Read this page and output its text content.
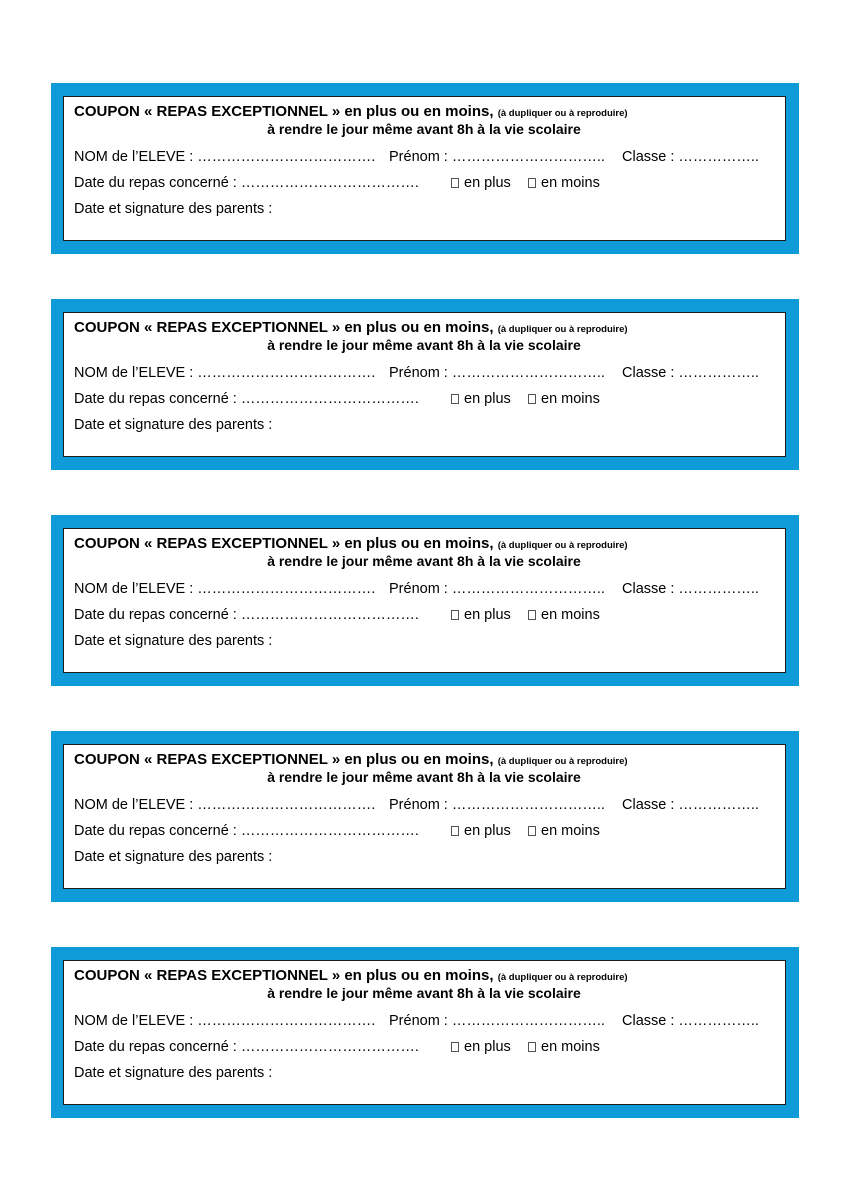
COUPON « REPAS EXCEPTIONNEL » en plus ou en moins, (à dupliquer ou à reproduire)
à rendre le jour même avant 8h à la vie scolaire
NOM de l’ELEVE : ………………………………. Prénom : ………………………….. Classe : ……………..
Date du repas concerné : ……………………………….	en plus	en moins
Date et signature des parents :
COUPON « REPAS EXCEPTIONNEL » en plus ou en moins, (à dupliquer ou à reproduire)
à rendre le jour même avant 8h à la vie scolaire
NOM de l’ELEVE : ………………………………. Prénom : ………………………….. Classe : ……………..
Date du repas concerné : ……………………………….	en plus	en moins
Date et signature des parents :
COUPON « REPAS EXCEPTIONNEL » en plus ou en moins, (à dupliquer ou à reproduire)
à rendre le jour même avant 8h à la vie scolaire
NOM de l’ELEVE : ………………………………. Prénom : ………………………….. Classe : ……………..
Date du repas concerné : ……………………………….	en plus	en moins
Date et signature des parents :
COUPON « REPAS EXCEPTIONNEL » en plus ou en moins, (à dupliquer ou à reproduire)
à rendre le jour même avant 8h à la vie scolaire
NOM de l’ELEVE : ………………………………. Prénom : ………………………….. Classe : ……………..
Date du repas concerné : ……………………………….	en plus	en moins
Date et signature des parents :
COUPON « REPAS EXCEPTIONNEL » en plus ou en moins, (à dupliquer ou à reproduire)
à rendre le jour même avant 8h à la vie scolaire
NOM de l’ELEVE : ………………………………. Prénom : ………………………….. Classe : ……………..
Date du repas concerné : ……………………………….	en plus	en moins
Date et signature des parents :
